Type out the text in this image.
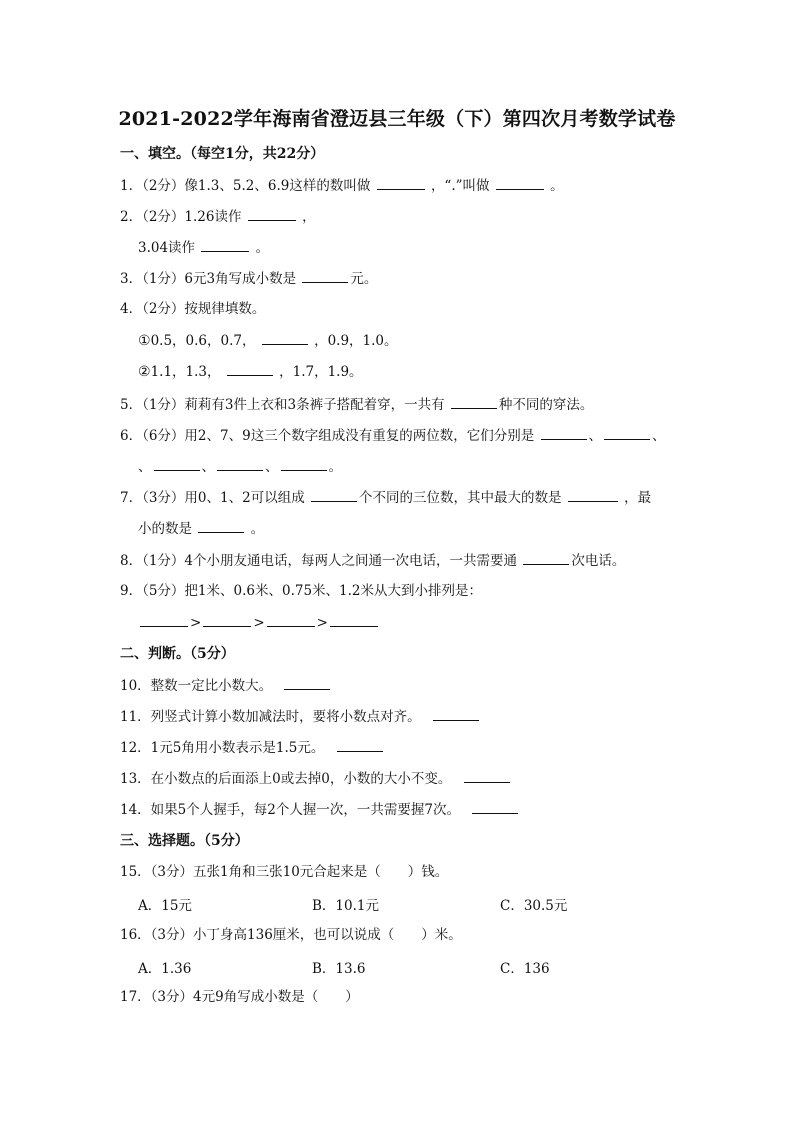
2021-2022学年海南省澄迈县三年级（下）第四次月考数学试卷
一、填空。（每空1分，共22分）
1．（2分）像1.3、5.2、6.9这样的数叫做	，“.”叫做	。
2．（2分）1.26读作	，
3.04读作	。
3．（1分）6元3角写成小数是	元。
4．（2分）按规律填数。
①0.5，0.6，0.7，	，0.9，1.0。
②1.1，1.3，	，1.7，1.9。
5．（1分）莉莉有3件上衣和3条裤子搭配着穿，一共有	种不同的穿法。
6．（6分）用2、7、9这三个数字组成没有重复的两位数，它们分别是	、	、
、	、	、	。
7．（3分）用0、1、2可以组成	个不同的三位数，其中最大的数是	，最
小的数是	。
8．（1分）4个小朋友通电话，每两人之间通一次电话，一共需要通	次电话。
9．（5分）把1米、0.6米、0.75米、1.2米从大到小排列是：
>	>	>
二、判断。（5分）
10．整数一定比小数大。
11．列竖式计算小数加减法时，要将小数点对齐。
12．1元5角用小数表示是1.5元。
13．在小数点的后面添上0或去掉0，小数的大小不变。
14．如果5个人握手，每2个人握一次，一共需要握7次。
三、选择题。（5分）
15．（3分）五张1角和三张10元合起来是（　　）钱。
A．15元	B．10.1元	C．30.5元
16．（3分）小丁身高136厘米，也可以说成（　　）米。
A．1.36	B．13.6	C．136
17．（3分）4元9角写成小数是（　　）
